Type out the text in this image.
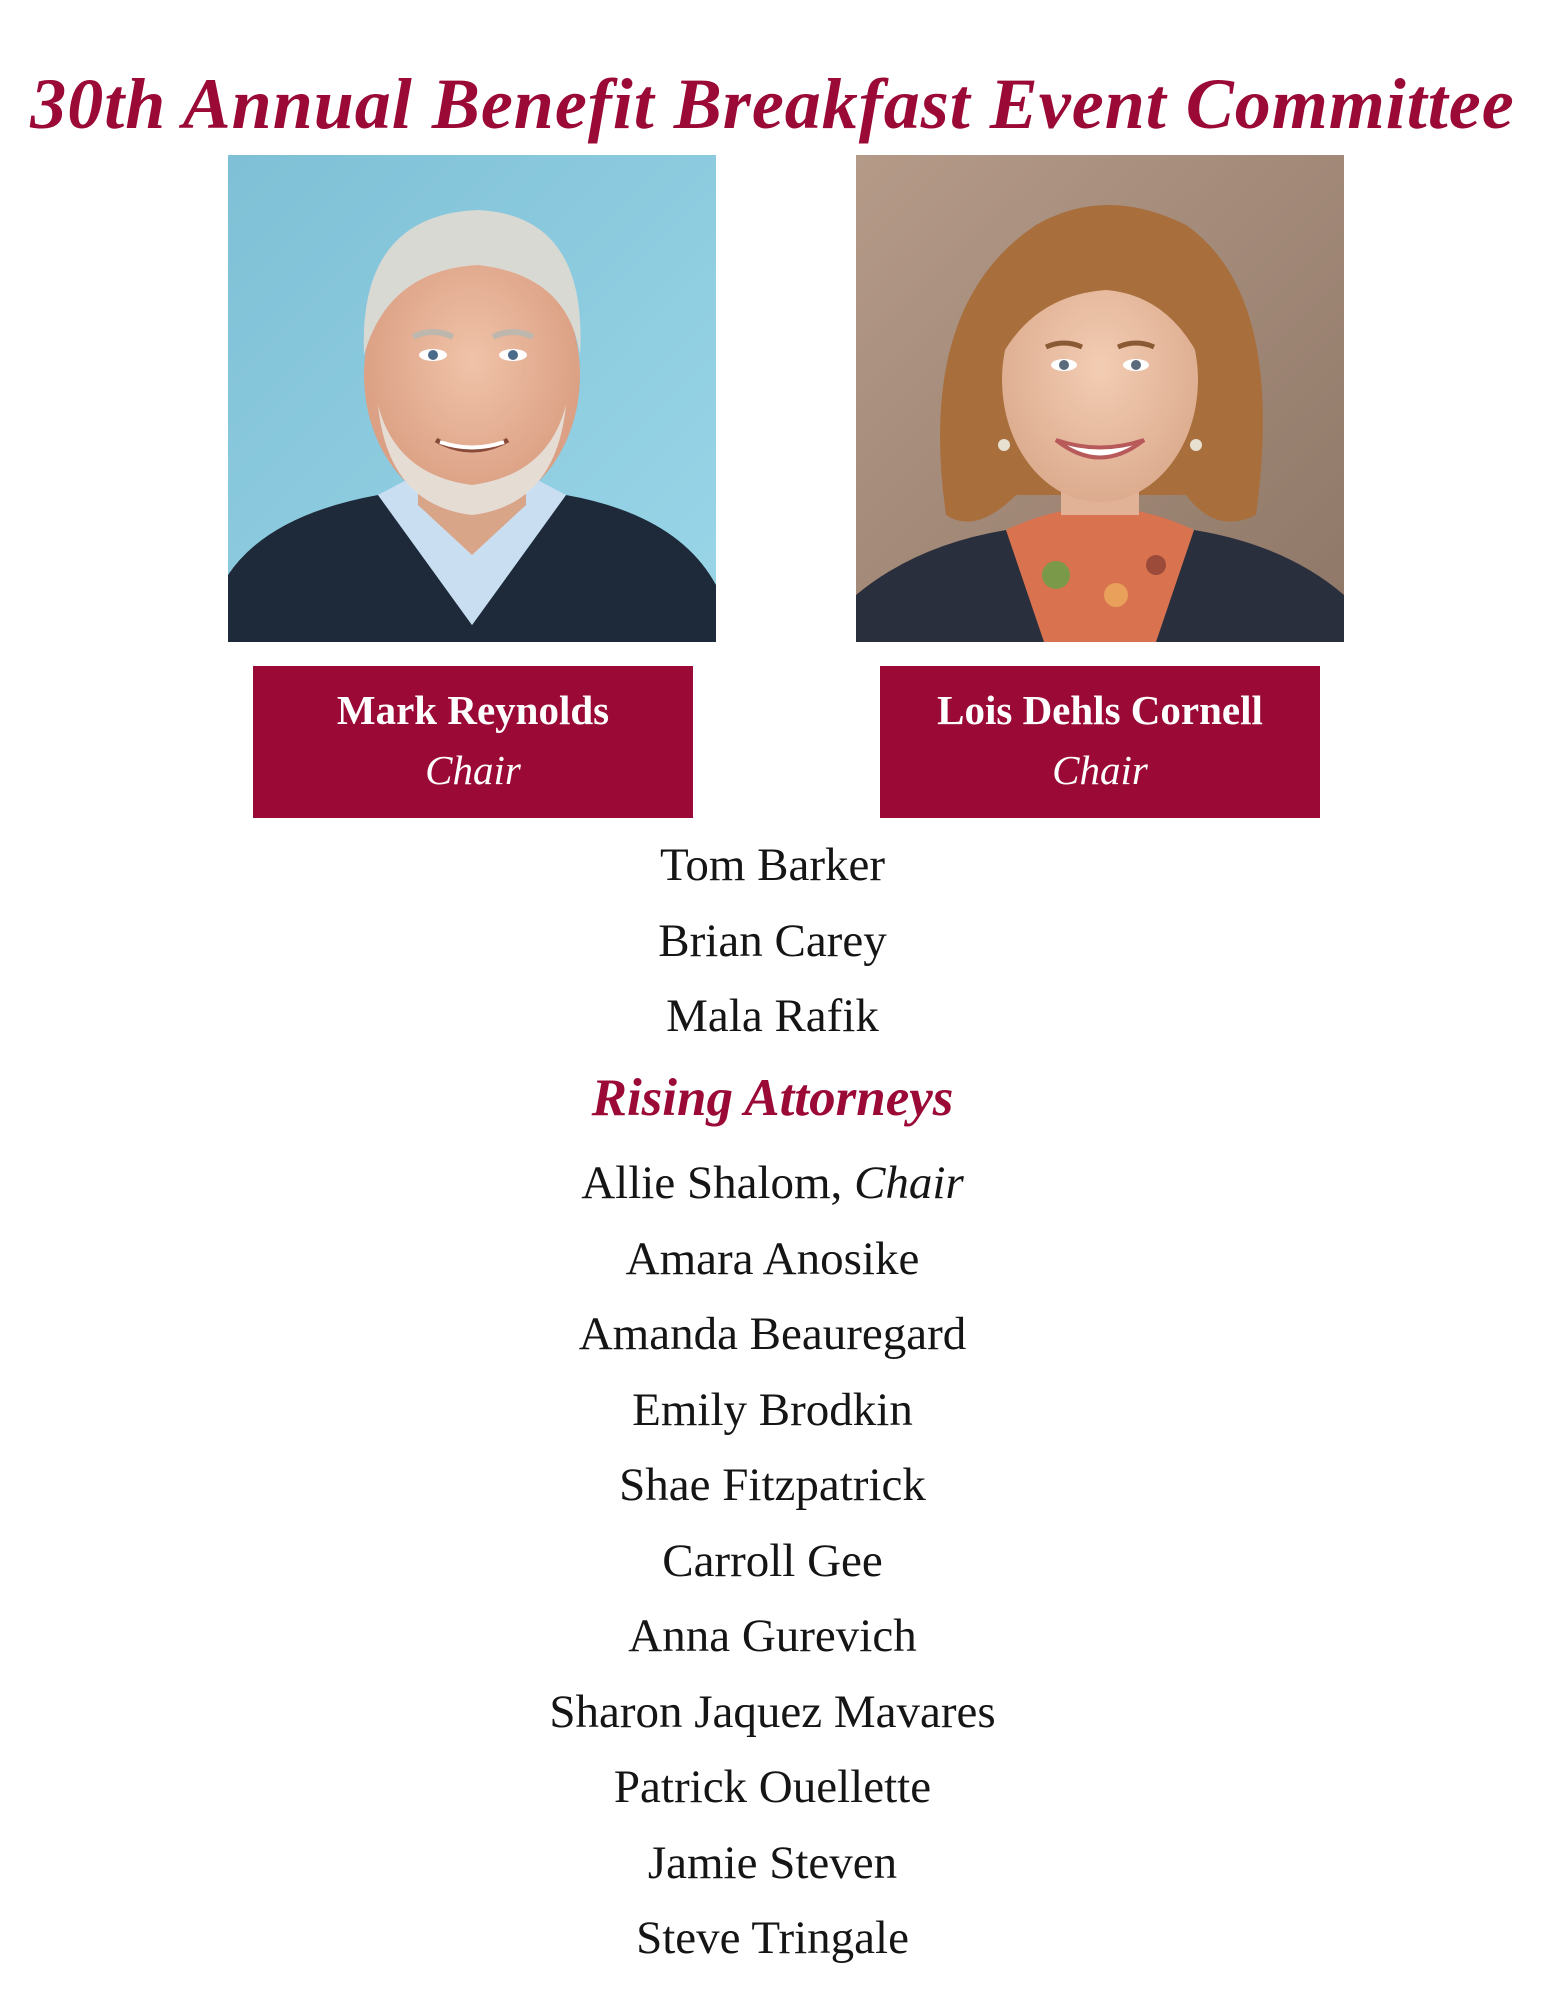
30th Annual Benefit Breakfast Event Committee
Mark Reynolds
Chair
Lois Dehls Cornell
Chair
Tom Barker
Brian Carey
Mala Rafik
Rising Attorneys
Allie Shalom, Chair
Amara Anosike
Amanda Beauregard
Emily Brodkin
Shae Fitzpatrick
Carroll Gee
Anna Gurevich
Sharon Jaquez Mavares
Patrick Ouellette
Jamie Steven
Steve Tringale
